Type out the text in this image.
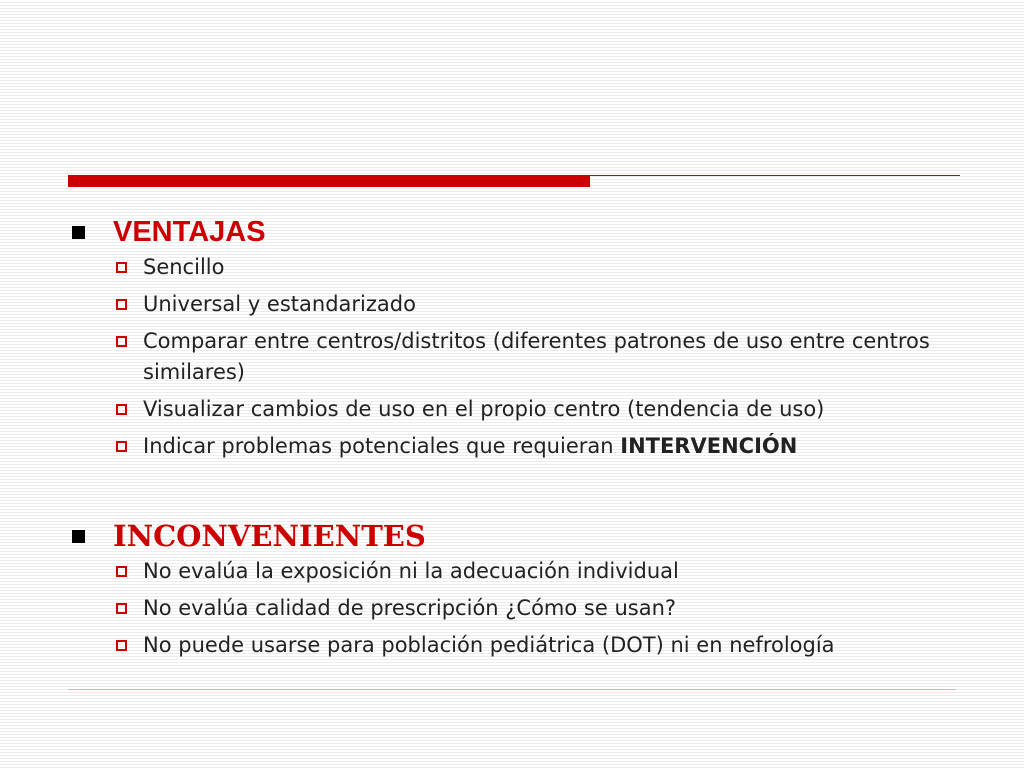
VENTAJAS
Sencillo
Universal y estandarizado
Comparar entre centros/distritos (diferentes patrones de uso entre centros similares)
Visualizar cambios de uso en el propio centro (tendencia de uso)
Indicar problemas potenciales que requieran INTERVENCIÓN
INCONVENIENTES
No evalúa la exposición ni la adecuación individual
No evalúa calidad de prescripción ¿Cómo se usan?
No puede usarse para población pediátrica (DOT) ni en nefrología
